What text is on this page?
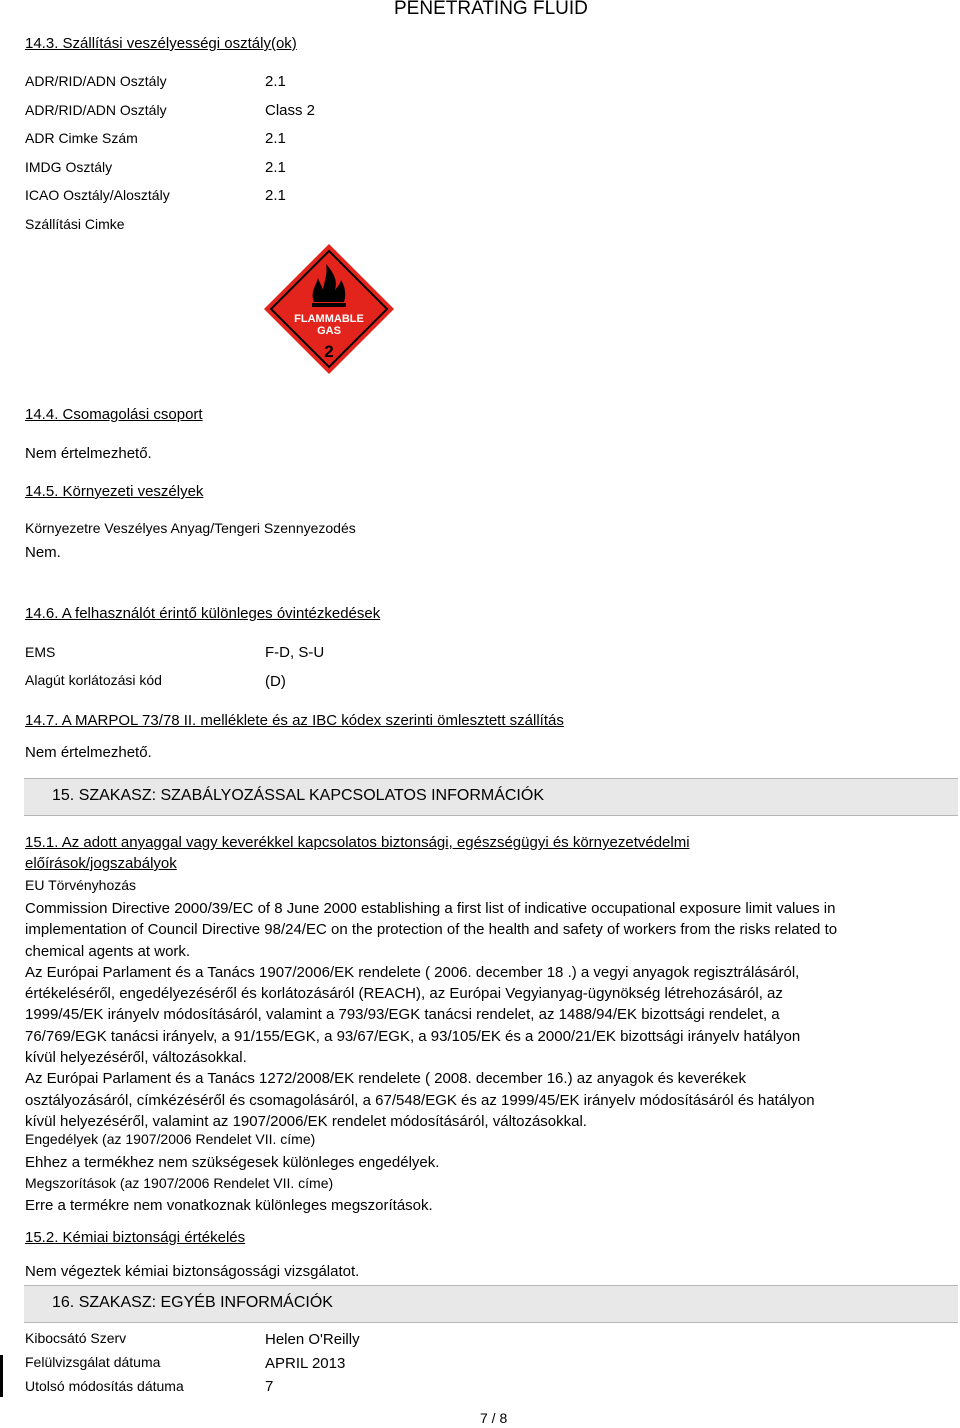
PENETRATING FLUID
14.3. Szállítási veszélyességi osztály(ok)
ADR/RID/ADN Osztály	2.1
ADR/RID/ADN Osztály	Class 2
ADR Cimke Szám	2.1
IMDG Osztály	2.1
ICAO Osztály/Alosztály	2.1
Szállítási Cimke
FLAMMABLE
GAS
2
14.4. Csomagolási csoport
Nem értelmezhető.
14.5. Környezeti veszélyek
Környezetre Veszélyes Anyag/Tengeri Szennyezodés
Nem.
14.6. A felhasználót érintő különleges óvintézkedések
EMS	F-D, S-U
Alagút korlátozási kód	(D)
14.7. A MARPOL 73/78 II. melléklete és az IBC kódex szerinti ömlesztett szállítás
Nem értelmezhető.
15. SZAKASZ: SZABÁLYOZÁSSAL KAPCSOLATOS INFORMÁCIÓK
15.1. Az adott anyaggal vagy keverékkel kapcsolatos biztonsági, egészségügyi és környezetvédelmi
előírások/jogszabályok
EU Törvényhozás
Commission Directive 2000/39/EC of 8 June 2000 establishing a first list of indicative occupational exposure limit values in
implementation of Council Directive 98/24/EC on the protection of the health and safety of workers from the risks related to
chemical agents at work.
Az Európai Parlament és a Tanács 1907/2006/EK rendelete ( 2006. december 18 .) a vegyi anyagok regisztrálásáról,
értékeléséről, engedélyezéséről és korlátozásáról (REACH), az Európai Vegyianyag-ügynökség létrehozásáról, az
1999/45/EK irányelv módosításáról, valamint a 793/93/EGK tanácsi rendelet, az 1488/94/EK bizottsági rendelet, a
76/769/EGK tanácsi irányelv, a 91/155/EGK, a 93/67/EGK, a 93/105/EK és a 2000/21/EK bizottsági irányelv hatályon
kívül helyezéséről, változásokkal.
Az Európai Parlament és a Tanács 1272/2008/EK rendelete ( 2008. december 16.) az anyagok és keverékek
osztályozásáról, címkézéséről és csomagolásáról, a 67/548/EGK és az 1999/45/EK irányelv módosításáról és hatályon
kívül helyezéséről, valamint az 1907/2006/EK rendelet módosításáról, változásokkal.
Engedélyek (az 1907/2006 Rendelet VII. címe)
Ehhez a termékhez nem szükségesek különleges engedélyek.
Megszorítások (az 1907/2006 Rendelet VII. címe)
Erre a termékre nem vonatkoznak különleges megszorítások.
15.2. Kémiai biztonsági értékelés
Nem végeztek kémiai biztonságossági vizsgálatot.
16. SZAKASZ: EGYÉB INFORMÁCIÓK
Kibocsátó Szerv	Helen O'Reilly
Felülvizsgálat dátuma	APRIL 2013
Utolsó módosítás dátuma	7
7 / 8
